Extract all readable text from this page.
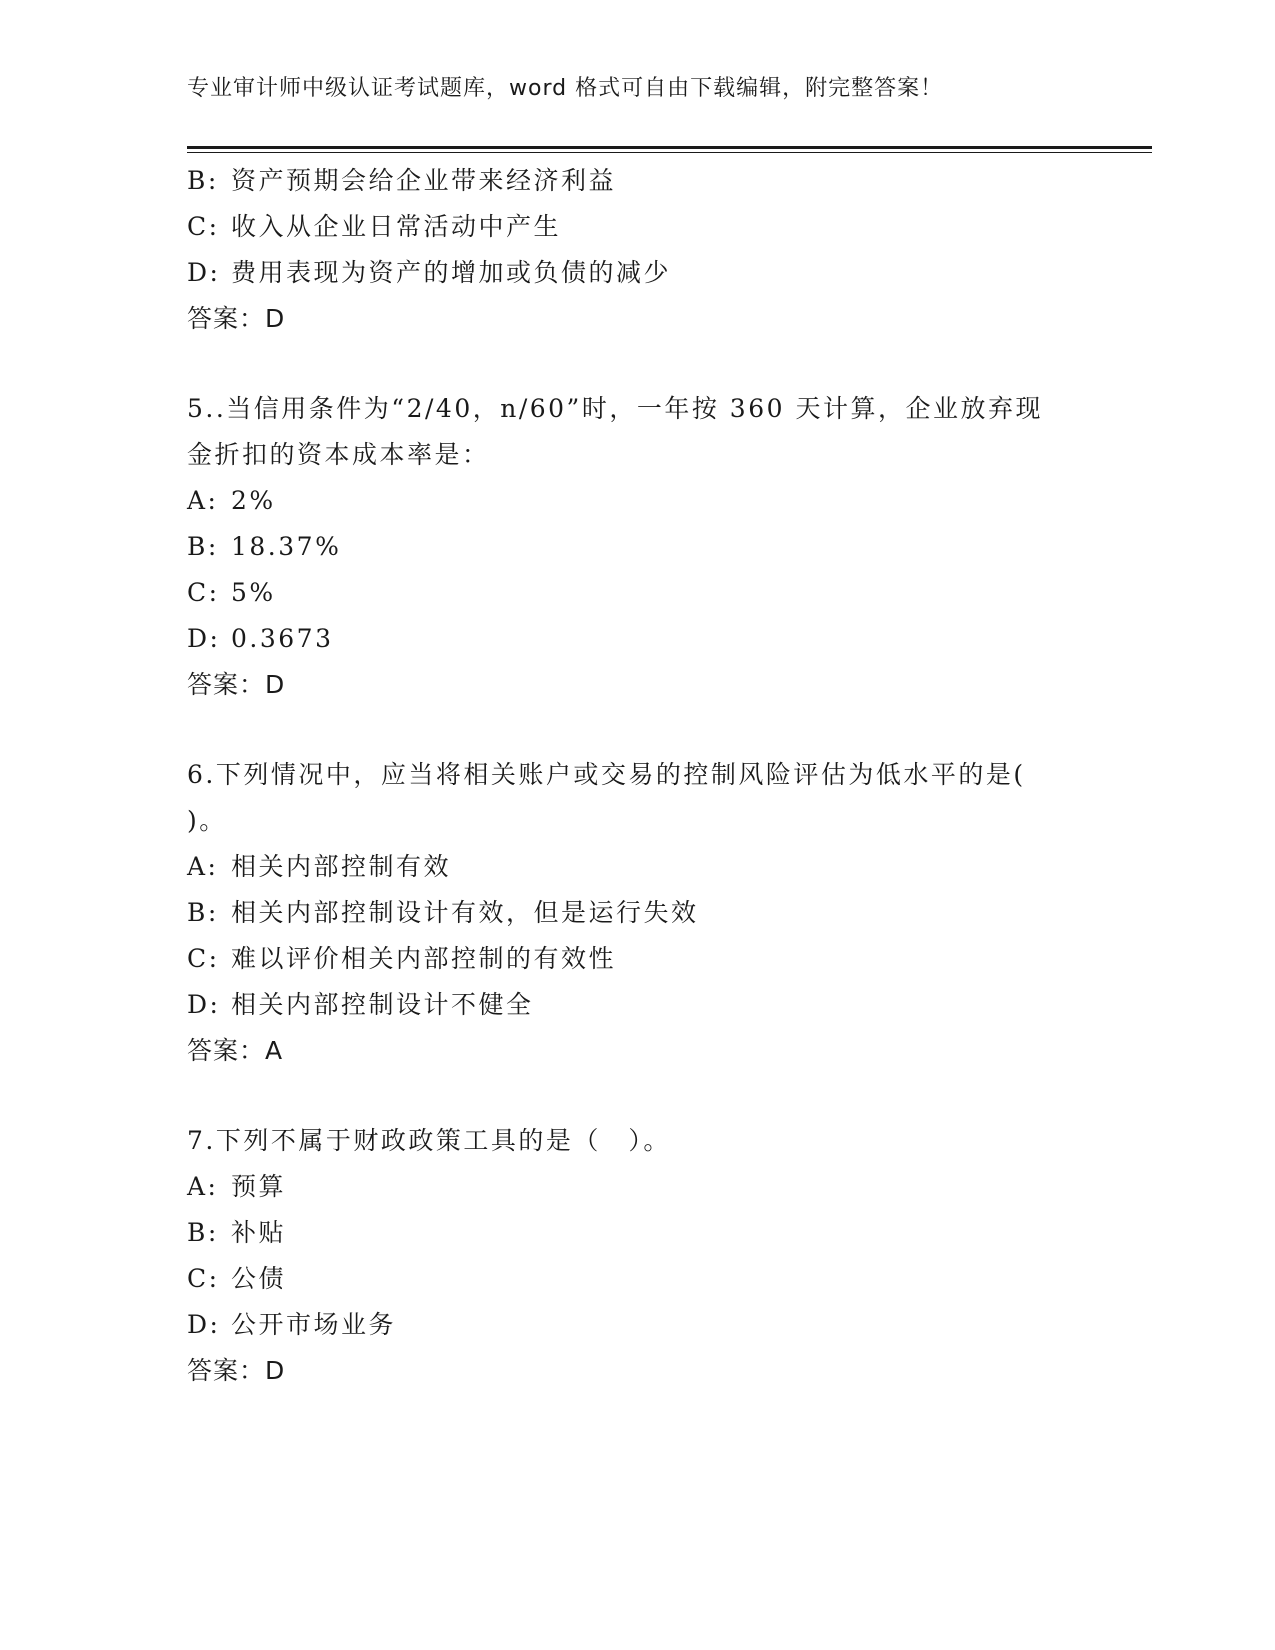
专业审计师中级认证考试题库，word 格式可自由下载编辑，附完整答案！
B: 资产预期会给企业带来经济利益
C: 收入从企业日常活动中产生
D: 费用表现为资产的增加或负债的减少
答案：D
5..当信用条件为“2/40，n/60”时，一年按 360 天计算，企业放弃现
金折扣的资本成本率是：
A: 2%
B: 18.37%
C: 5%
D: 0.3673
答案：D
6.下列情况中，应当将相关账户或交易的控制风险评估为低水平的是(
)。
A: 相关内部控制有效
B: 相关内部控制设计有效，但是运行失效
C: 难以评价相关内部控制的有效性
D: 相关内部控制设计不健全
答案：A
7.下列不属于财政政策工具的是（　）。
A: 预算
B: 补贴
C: 公债
D: 公开市场业务
答案：D
